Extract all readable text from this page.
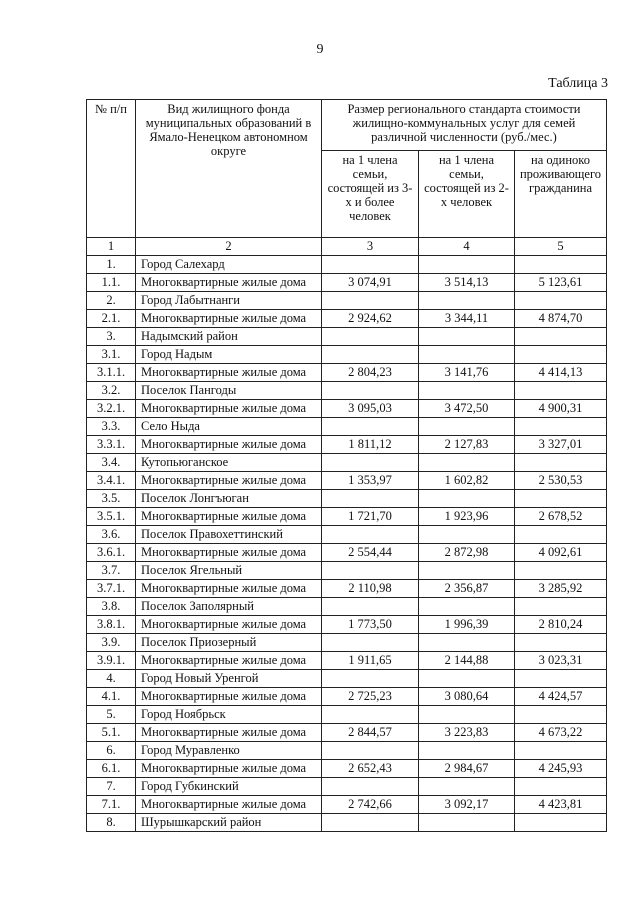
9
Таблица 3
№ п/п	Вид жилищного фонда муниципальных образований в Ямало-Ненецком автономном округе	Размер регионального стандарта стоимости жилищно-коммунальных услуг для семей различной численности (руб./мес.)		
		на 1 члена семьи, состоящей из 3-х и более человек	на 1 члена семьи, состоящей из 2-х человек	на одиноко проживающего гражданина
1	2	3	4	5
1.	Город Салехард			
1.1.	Многоквартирные жилые дома	3 074,91	3 514,13	5 123,61
2.	Город Лабытнанги			
2.1.	Многоквартирные жилые дома	2 924,62	3 344,11	4 874,70
3.	Надымский район			
3.1.	Город Надым			
3.1.1.	Многоквартирные жилые дома	2 804,23	3 141,76	4 414,13
3.2.	Поселок Пангоды			
3.2.1.	Многоквартирные жилые дома	3 095,03	3 472,50	4 900,31
3.3.	Село Ныда			
3.3.1.	Многоквартирные жилые дома	1 811,12	2 127,83	3 327,01
3.4.	Кутопьюганское			
3.4.1.	Многоквартирные жилые дома	1 353,97	1 602,82	2 530,53
3.5.	Поселок Лонгъюган			
3.5.1.	Многоквартирные жилые дома	1 721,70	1 923,96	2 678,52
3.6.	Поселок Правохеттинский			
3.6.1.	Многоквартирные жилые дома	2 554,44	2 872,98	4 092,61
3.7.	Поселок Ягельный			
3.7.1.	Многоквартирные жилые дома	2 110,98	2 356,87	3 285,92
3.8.	Поселок Заполярный			
3.8.1.	Многоквартирные жилые дома	1 773,50	1 996,39	2 810,24
3.9.	Поселок Приозерный			
3.9.1.	Многоквартирные жилые дома	1 911,65	2 144,88	3 023,31
4.	Город Новый Уренгой			
4.1.	Многоквартирные жилые дома	2 725,23	3 080,64	4 424,57
5.	Город Ноябрьск			
5.1.	Многоквартирные жилые дома	2 844,57	3 223,83	4 673,22
6.	Город Муравленко			
6.1.	Многоквартирные жилые дома	2 652,43	2 984,67	4 245,93
7.	Город Губкинский			
7.1.	Многоквартирные жилые дома	2 742,66	3 092,17	4 423,81
8.	Шурышкарский район			
